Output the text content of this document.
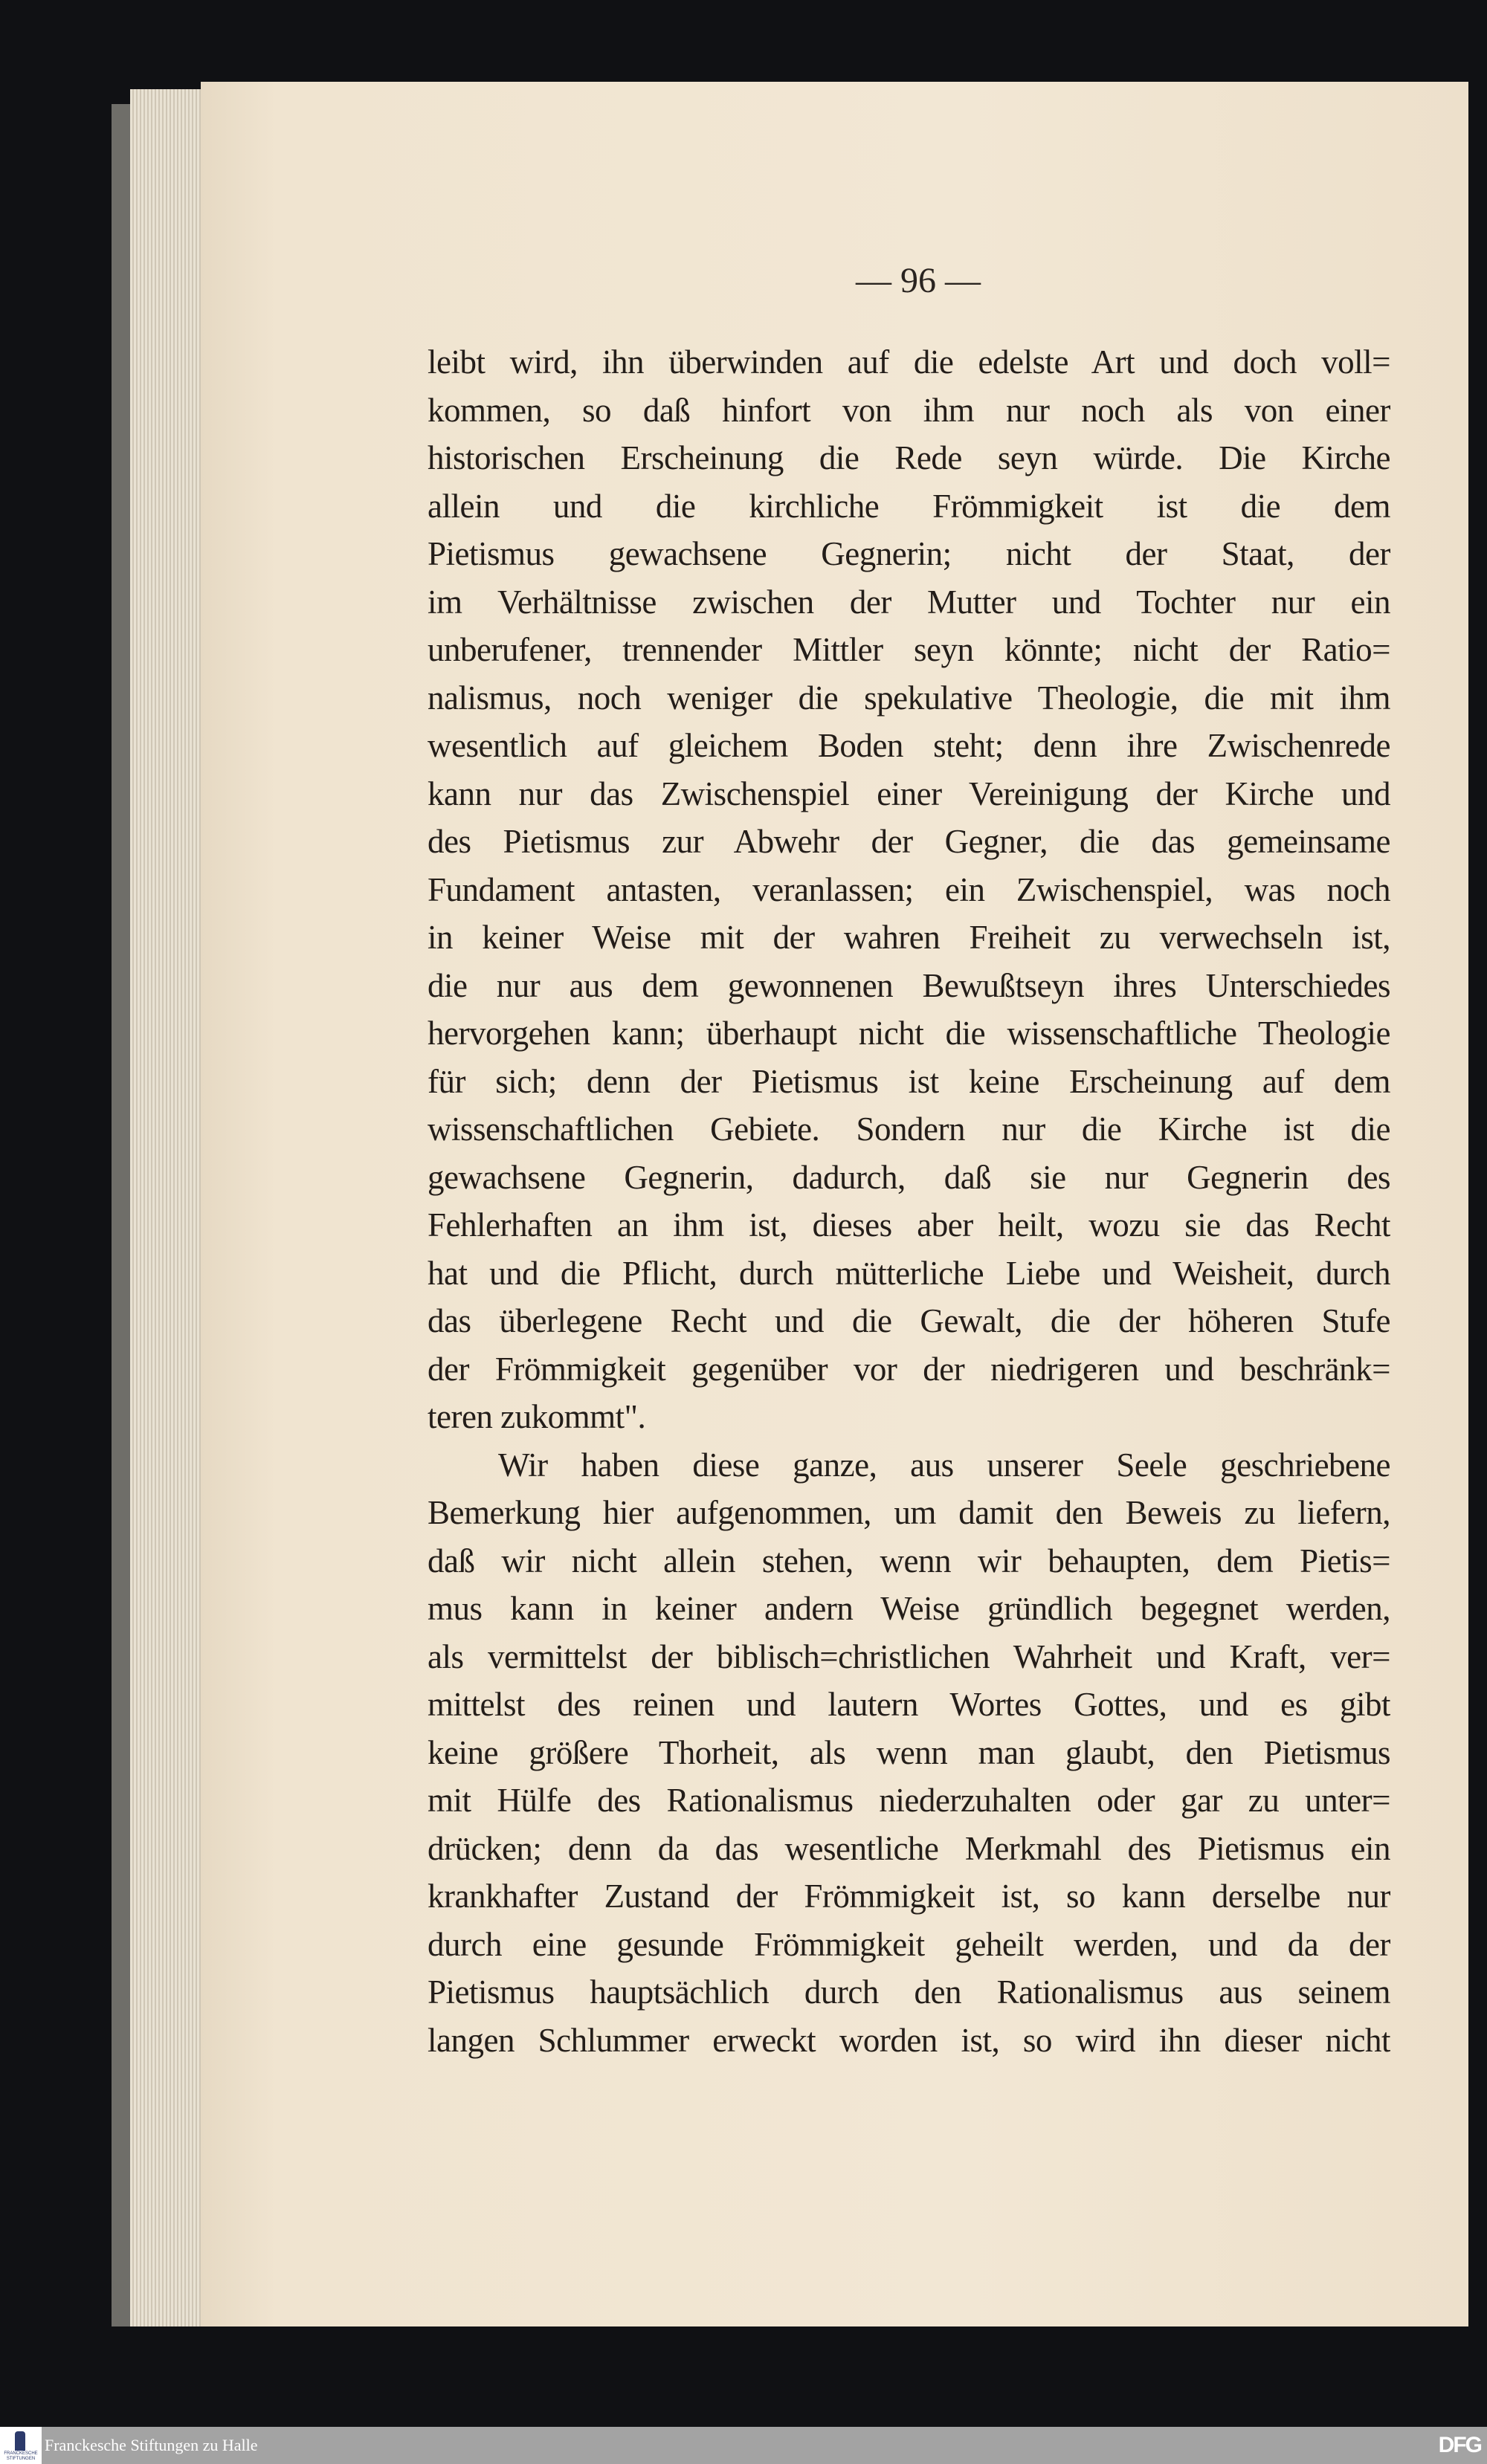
— 96 —
leibt wird, ihn überwinden auf die edelste Art und doch voll=
kommen, so daß hinfort von ihm nur noch als von einer
historischen Erscheinung die Rede seyn würde. Die Kirche
allein und die kirchliche Frömmigkeit ist die dem
Pietismus gewachsene Gegnerin; nicht der Staat, der
im Verhältnisse zwischen der Mutter und Tochter nur ein
unberufener, trennender Mittler seyn könnte; nicht der Ratio=
nalismus, noch weniger die spekulative Theologie, die mit ihm
wesentlich auf gleichem Boden steht; denn ihre Zwischenrede
kann nur das Zwischenspiel einer Vereinigung der Kirche und
des Pietismus zur Abwehr der Gegner, die das gemeinsame
Fundament antasten, veranlassen; ein Zwischenspiel, was noch
in keiner Weise mit der wahren Freiheit zu verwechseln ist,
die nur aus dem gewonnenen Bewußtseyn ihres Unterschiedes
hervorgehen kann; überhaupt nicht die wissenschaftliche Theologie
für sich; denn der Pietismus ist keine Erscheinung auf dem
wissenschaftlichen Gebiete. Sondern nur die Kirche ist die
gewachsene Gegnerin, dadurch, daß sie nur Gegnerin des
Fehlerhaften an ihm ist, dieses aber heilt, wozu sie das Recht
hat und die Pflicht, durch mütterliche Liebe und Weisheit, durch
das überlegene Recht und die Gewalt, die der höheren Stufe
der Frömmigkeit gegenüber vor der niedrigeren und beschränk=
teren zukommt".
Wir haben diese ganze, aus unserer Seele geschriebene
Bemerkung hier aufgenommen, um damit den Beweis zu liefern,
daß wir nicht allein stehen, wenn wir behaupten, dem Pietis=
mus kann in keiner andern Weise gründlich begegnet werden,
als vermittelst der biblisch=christlichen Wahrheit und Kraft, ver=
mittelst des reinen und lautern Wortes Gottes, und es gibt
keine größere Thorheit, als wenn man glaubt, den Pietismus
mit Hülfe des Rationalismus niederzuhalten oder gar zu unter=
drücken; denn da das wesentliche Merkmahl des Pietismus ein
krankhafter Zustand der Frömmigkeit ist, so kann derselbe nur
durch eine gesunde Frömmigkeit geheilt werden, und da der
Pietismus hauptsächlich durch den Rationalismus aus seinem
langen Schlummer erweckt worden ist, so wird ihn dieser nicht
FRANCKESCHE STIFTUNGEN
Franckesche Stiftungen zu Halle	DFG
